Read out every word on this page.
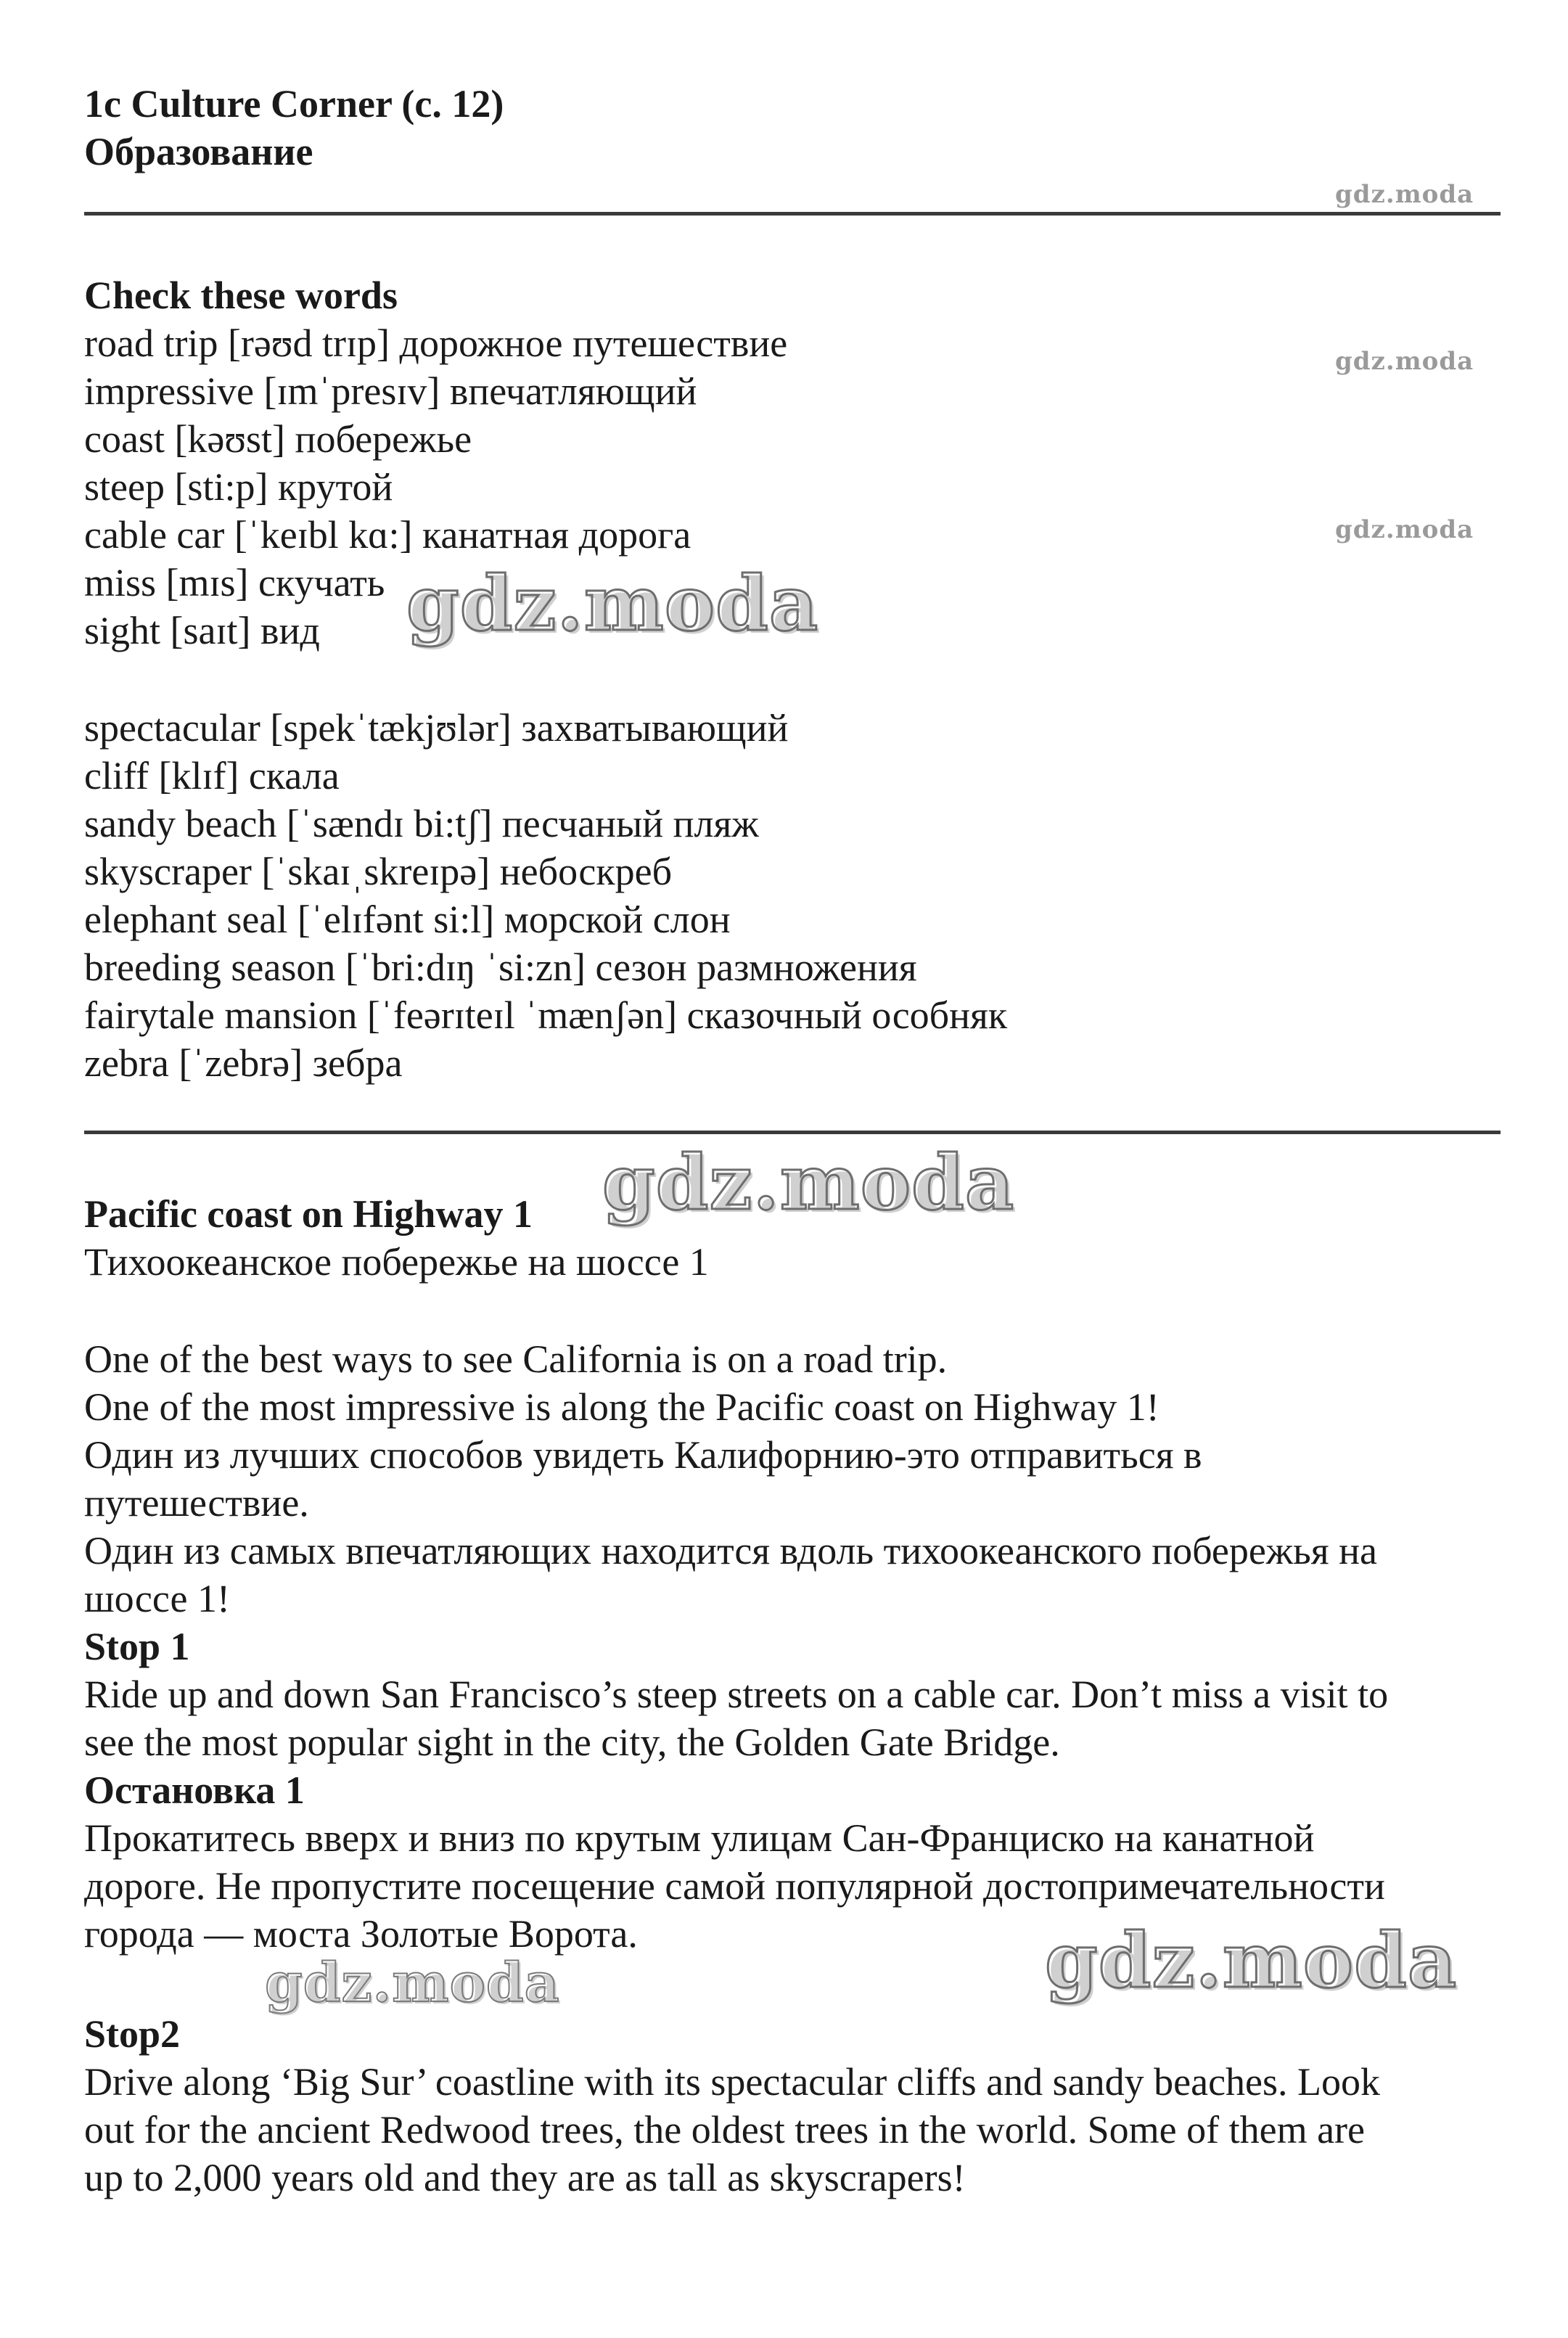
1c Culture Corner (с. 12)
Образование
gdz.moda
Check these words
road trip [rəʊd trɪp] дорожное путешествие
impressive [ɪmˈpresɪv] впечатляющий
coast [kəʊst] побережье
steep [sti:p] крутой
cable car [ˈkeɪbl kɑ:] канатная дорога
miss [mɪs] скучать
sight [saɪt] вид
gdz.moda
gdz.moda
gdz.moda
spectacular [spekˈtækjʊlər] захватывающий
cliff [klɪf] скала
sandy beach [ˈsændɪ bi:tʃ] песчаный пляж
skyscraper [ˈskaɪˌskreɪpə] небоскреб
elephant seal [ˈelɪfənt si:l] морской слон
breeding season [ˈbri:dɪŋ ˈsi:zn] сезон размножения
fairytale mansion [ˈfeərɪteɪl ˈmænʃən] сказочный особняк
zebra [ˈzebrə] зебра
Pacific coast on Highway 1 gdz.moda
Тихоокеанское побережье на шоссе 1
One of the best ways to see California is on a road trip.
One of the most impressive is along the Pacific coast on Highway 1!
Один из лучших способов увидеть Калифорнию-это отправиться в
путешествие.
Один из самых впечатляющих находится вдоль тихоокеанского побережья на
шоссе 1!
Stop 1
Ride up and down San Francisco’s steep streets on a cable car. Don’t miss a visit to
see the most popular sight in the city, the Golden Gate Bridge.
Остановка 1
Прокатитесь вверх и вниз по крутым улицам Сан-Франциско на канатной
дороге. Не пропустите посещение самой популярной достопримечательности
города — моста Золотые Ворота.	gdz.moda
gdz.moda
Stop2
Drive along ‘Big Sur’ coastline with its spectacular cliffs and sandy beaches. Look
out for the ancient Redwood trees, the oldest trees in the world. Some of them are
up to 2,000 years old and they are as tall as skyscrapers!
